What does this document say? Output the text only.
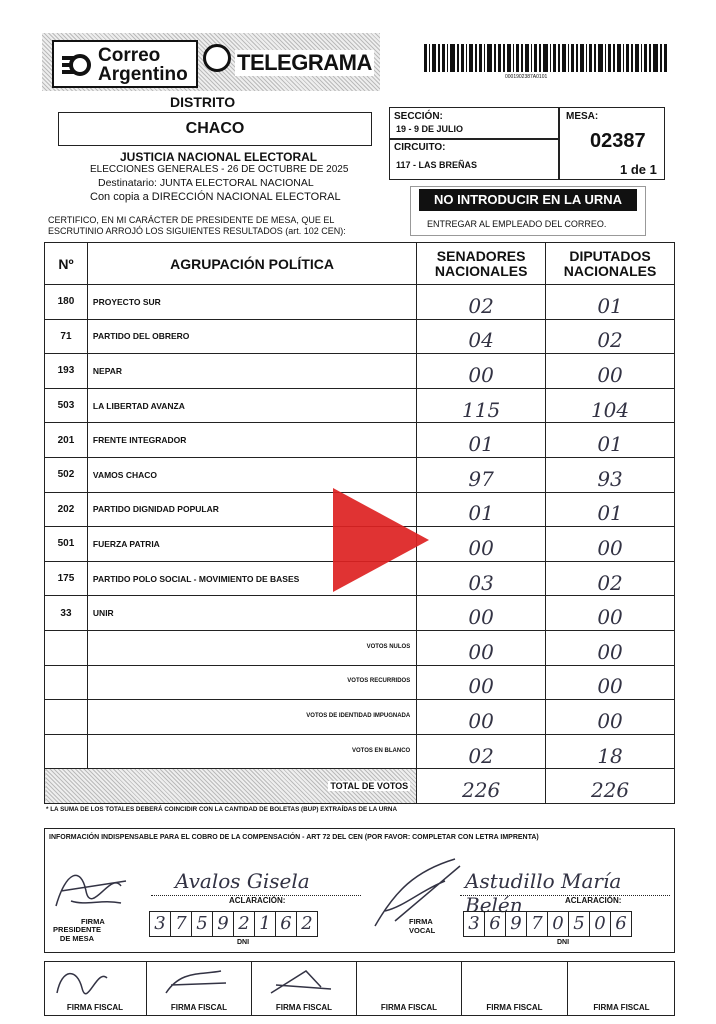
Correo
Argentino TELEGRAMA
0001902387A0101
DISTRITO
CHACO
JUSTICIA NACIONAL ELECTORAL
ELECCIONES GENERALES - 26 DE OCTUBRE DE 2025
Destinatario: JUNTA ELECTORAL NACIONAL
Con copia a DIRECCIÓN NACIONAL ELECTORAL
CERTIFICO, EN MI CARÁCTER DE PRESIDENTE DE MESA, QUE EL ESCRUTINIO ARROJÓ LOS SIGUIENTES RESULTADOS (art. 102 CEN):
SECCIÓN:
19 - 9 DE JULIO
CIRCUITO:
117 - LAS BREÑAS
MESA:
02387
1 de 1
NO INTRODUCIR EN LA URNA
ENTREGAR AL EMPLEADO DEL CORREO.
Nº	AGRUPACIÓN POLÍTICA	SENADORES NACIONALES	DIPUTADOS NACIONALES
180	PROYECTO SUR	02	01
71	PARTIDO DEL OBRERO	04	02
193	NEPAR	00	00
503	LA LIBERTAD AVANZA	115	104
201	FRENTE INTEGRADOR	01	01
502	VAMOS CHACO	97	93
202	PARTIDO DIGNIDAD POPULAR	01	01
501	FUERZA PATRIA	00	00
175	PARTIDO POLO SOCIAL - MOVIMIENTO DE BASES	03	02
33	UNIR	00	00
	VOTOS NULOS	00	00
	VOTOS RECURRIDOS	00	00
	VOTOS DE IDENTIDAD IMPUGNADA	00	00
	VOTOS EN BLANCO	02	18
TOTAL DE VOTOS		226	226
* LA SUMA DE LOS TOTALES DEBERÁ COINCIDIR CON LA CANTIDAD DE BOLETAS (BUP) EXTRAÍDAS DE LA URNA
INFORMACIÓN INDISPENSABLE PARA EL COBRO DE LA COMPENSACIÓN - ART 72 DEL CEN (POR FAVOR: COMPLETAR CON LETRA IMPRENTA)
Avalos Gisela
ACLARACIÓN:
FIRMA
PRESIDENTE DE MESA
3 7 5 9 2 1 6 2
DNI
Astudillo María Belén	ACLARACIÓN:
FIRMA VOCAL	3 6 9 7 0 5 0 6
DNI
FIRMA FISCAL	FIRMA FISCAL	FIRMA FISCAL	FIRMA FISCAL	FIRMA FISCAL	FIRMA FISCAL
